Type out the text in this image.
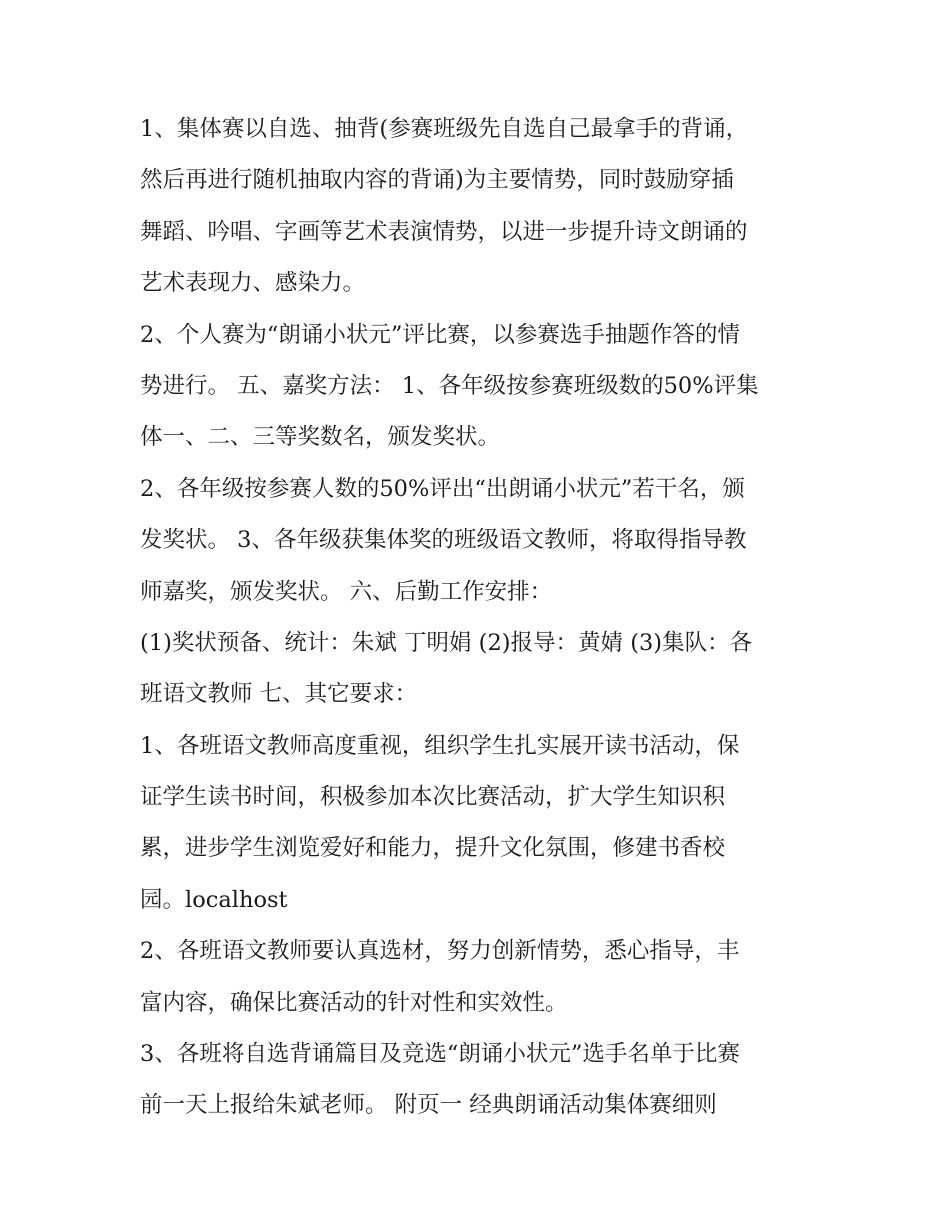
1、集体赛以自选、抽背(参赛班级先自选自己最拿手的背诵，
然后再进行随机抽取内容的背诵)为主要情势，同时鼓励穿插
舞蹈、吟唱、字画等艺术表演情势，以进一步提升诗文朗诵的
艺术表现力、感染力。
2、个人赛为“朗诵小状元”评比赛，以参赛选手抽题作答的情
势进行。 五、嘉奖方法： 1、各年级按参赛班级数的50%评集
体一、二、三等奖数名，颁发奖状。
2、各年级按参赛人数的50%评出“出朗诵小状元”若干名，颁
发奖状。 3、各年级获集体奖的班级语文教师，将取得指导教
师嘉奖，颁发奖状。 六、后勤工作安排：
(1)奖状预备、统计：朱斌 丁明娟 (2)报导：黄婧 (3)集队：各
班语文教师 七、其它要求：
1、各班语文教师高度重视，组织学生扎实展开读书活动，保
证学生读书时间，积极参加本次比赛活动，扩大学生知识积
累，进步学生浏览爱好和能力，提升文化氛围，修建书香校
园。localhost
2、各班语文教师要认真选材，努力创新情势，悉心指导，丰
富内容，确保比赛活动的针对性和实效性。
3、各班将自选背诵篇目及竞选“朗诵小状元”选手名单于比赛
前一天上报给朱斌老师。 附页一 经典朗诵活动集体赛细则
